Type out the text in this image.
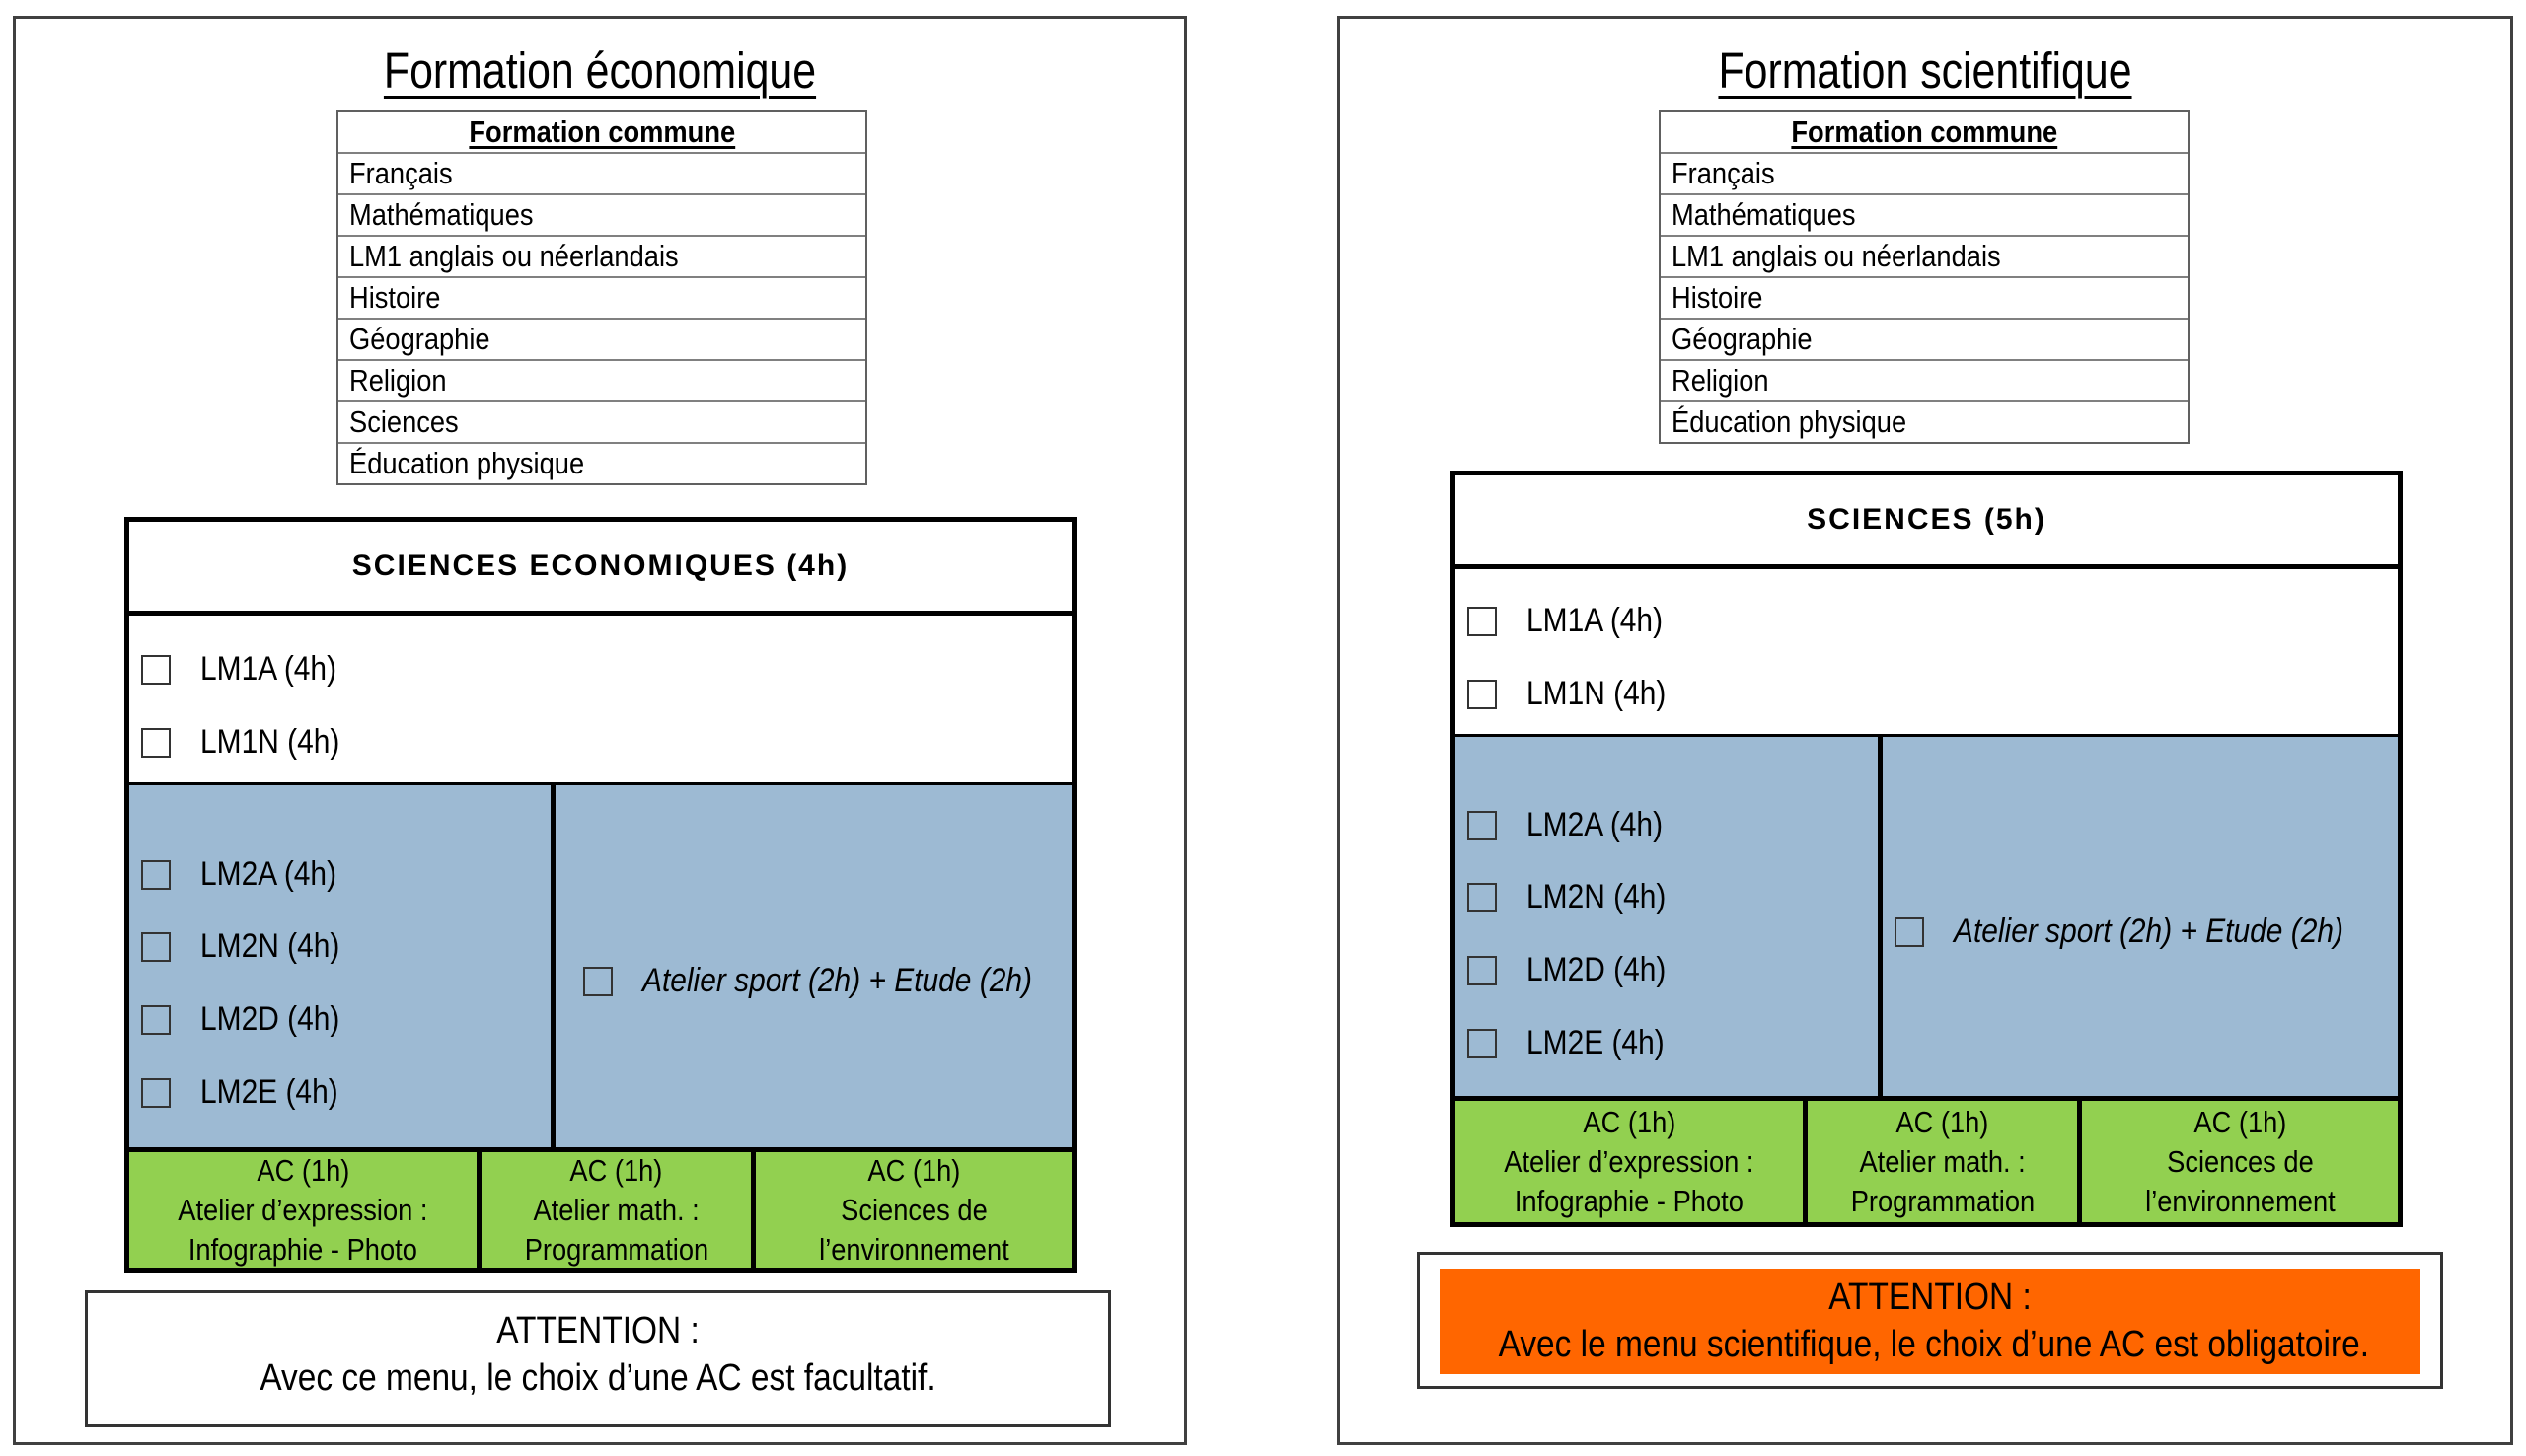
Formation économique
Formation commune
Français
Mathématiques
LM1 anglais ou néerlandais
Histoire
Géographie
Religion
Sciences
Éducation physique
SCIENCES ECONOMIQUES (4h)
LM1A (4h)
LM1N (4h)
LM2A (4h)
LM2N (4h)
LM2D (4h)
LM2E (4h)
Atelier sport (2h) + Etude (2h)
AC (1h)
Atelier d’expression :
Infographie - Photo
AC (1h)
Atelier math. :
Programmation
AC (1h)
Sciences de
l’environnement
ATTENTION :
Avec ce menu, le choix d’une AC est facultatif.
Formation scientifique
Formation commune
Français
Mathématiques
LM1 anglais ou néerlandais
Histoire
Géographie
Religion
Éducation physique
SCIENCES (5h)
LM1A (4h)
LM1N (4h)
LM2A (4h)
LM2N (4h)
LM2D (4h)
LM2E (4h)
Atelier sport (2h) + Etude (2h)
AC (1h)
Atelier d’expression :
Infographie - Photo
AC (1h)
Atelier math. :
Programmation
AC (1h)
Sciences de
l’environnement
ATTENTION :
Avec le menu scientifique, le choix d’une AC est obligatoire.
